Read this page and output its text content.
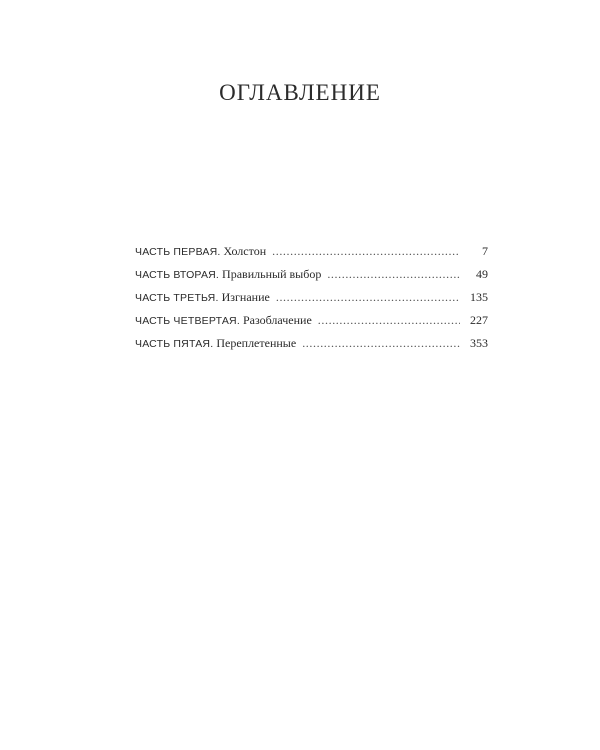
ОГЛАВЛЕНИЕ
ЧАСТЬ ПЕРВАЯ. Холстон . . .	7
ЧАСТЬ ВТОРАЯ. Правильный выбор . . .	49
ЧАСТЬ ТРЕТЬЯ. Изгнание . . .	135
ЧАСТЬ ЧЕТВЕРТАЯ. Разоблачение . . .	227
ЧАСТЬ ПЯТАЯ. Переплетенные . . .	353
